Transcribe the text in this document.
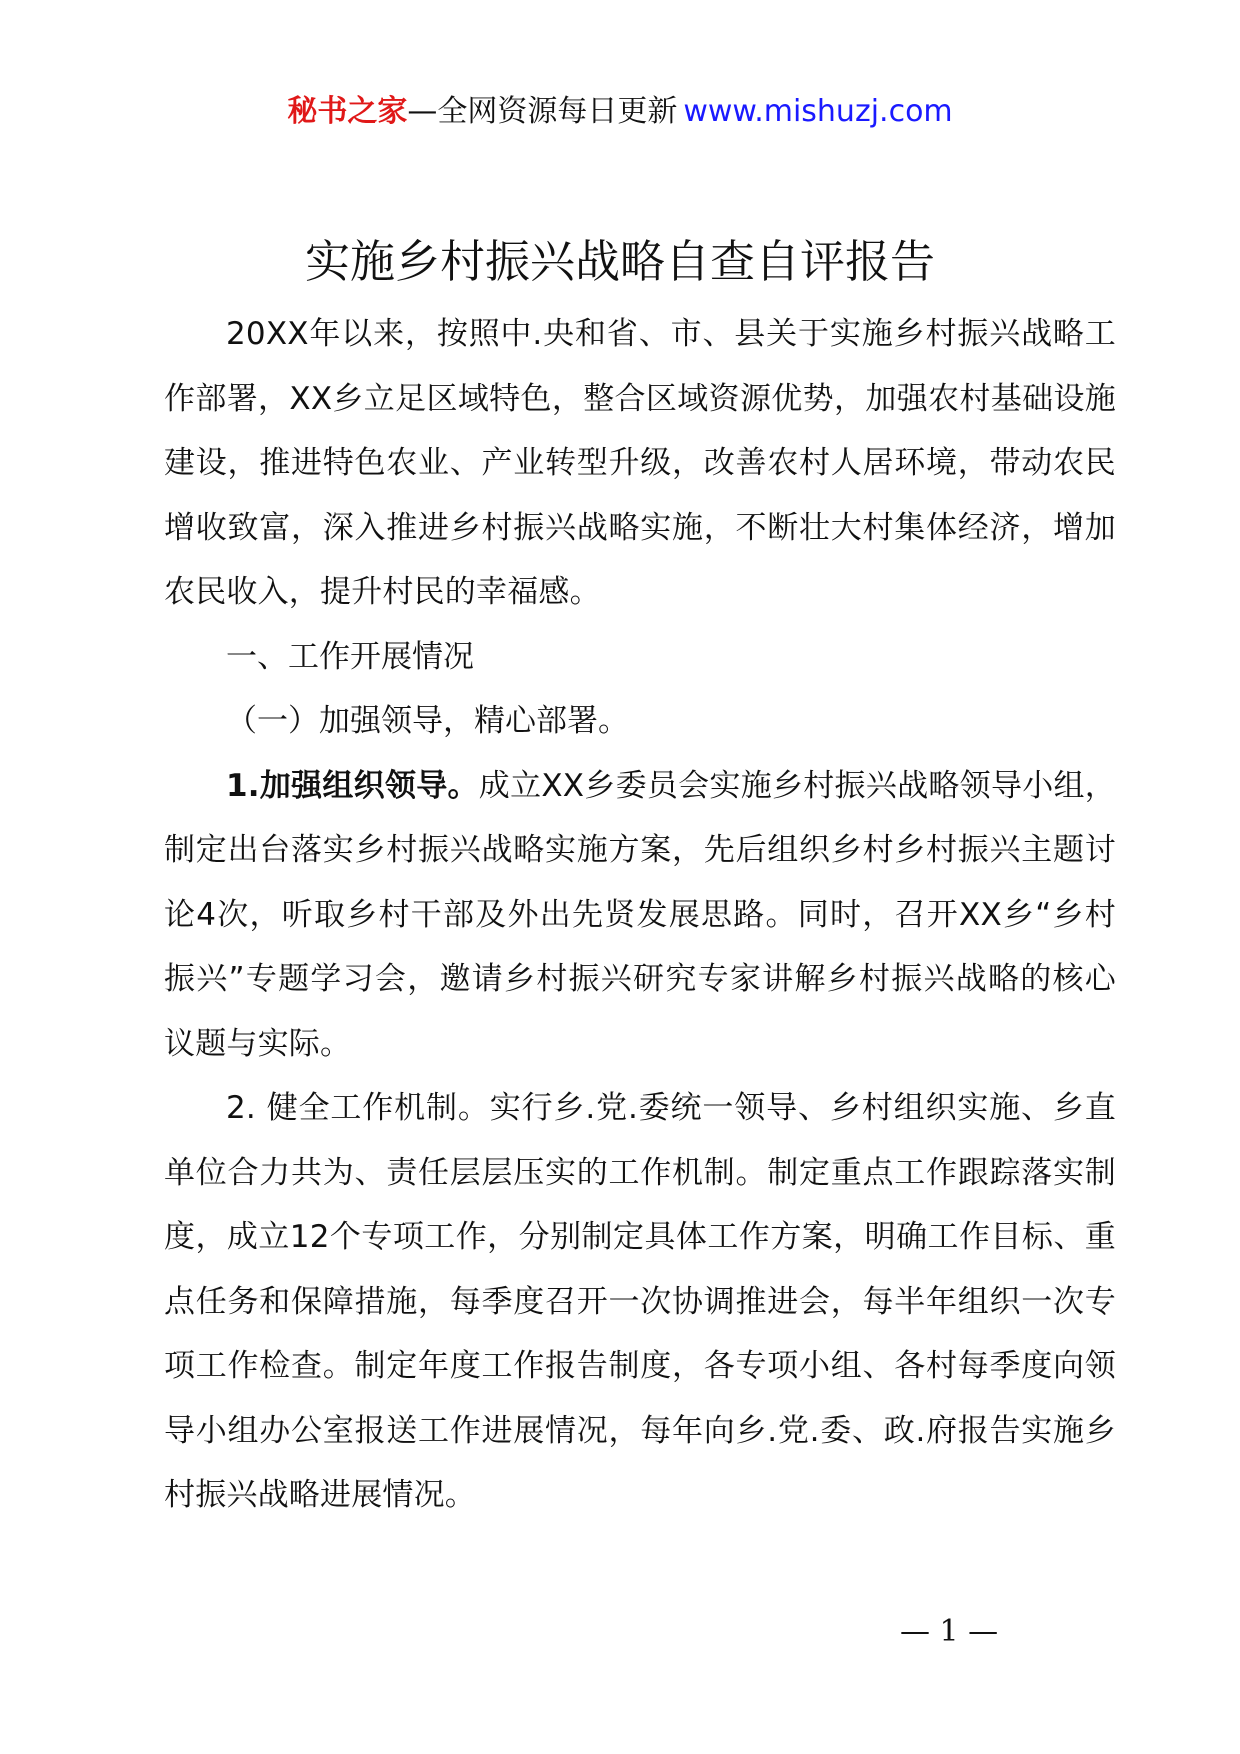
秘书之家—全网资源每日更新 www.mishuzj.com
实施乡村振兴战略自查自评报告

20XX年以来，按照中.央和省、市、县关于实施乡村振兴战略工作部署，XX乡立足区域特色，整合区域资源优势，加强农村基础设施建设，推进特色农业、产业转型升级，改善农村人居环境，带动农民增收致富，深入推进乡村振兴战略实施，不断壮大村集体经济，增加农民收入，提升村民的幸福感。

一、工作开展情况

（一）加强领导，精心部署。

1.加强组织领导。成立XX乡委员会实施乡村振兴战略领导小组，制定出台落实乡村振兴战略实施方案，先后组织乡村乡村振兴主题讨论4次，听取乡村干部及外出先贤发展思路。同时，召开XX乡“乡村振兴”专题学习会，邀请乡村振兴研究专家讲解乡村振兴战略的核心议题与实际。

2. 健全工作机制。实行乡.党.委统一领导、乡村组织实施、乡直单位合力共为、责任层层压实的工作机制。制定重点工作跟踪落实制度，成立12个专项工作，分别制定具体工作方案，明确工作目标、重点任务和保障措施，每季度召开一次协调推进会，每半年组织一次专项工作检查。制定年度工作报告制度，各专项小组、各村每季度向领导小组办公室报送工作进展情况，每年向乡.党.委、政.府报告实施乡村振兴战略进展情况。

— 1 —
